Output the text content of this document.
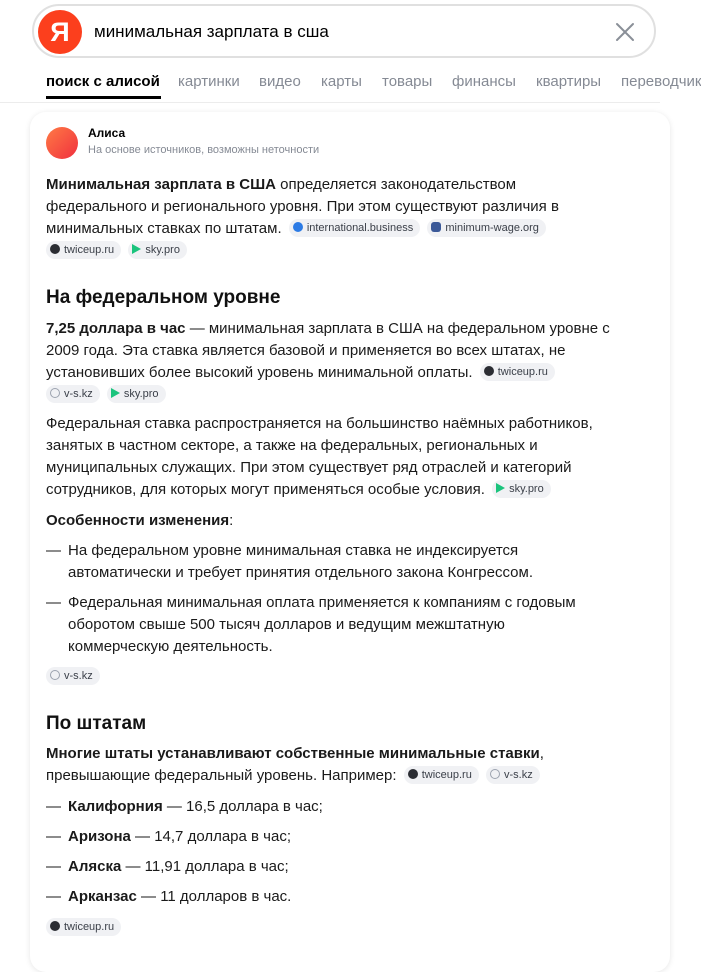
Я	минимальная зарплата в сша
поиск с алисой картинки видео карты товары финансы квартиры переводчик
Алиса
На основе источников, возможны неточности
Минимальная зарплата в США определяется законодательством
федерального и регионального уровня. При этом существуют различия в
минимальных ставках по штатам. international.business	minimum-wage.org
twiceup.ru	sky.pro
На федеральном уровне
7,25 доллара в час — минимальная зарплата в США на федеральном уровне с
2009 года. Эта ставка является базовой и применяется во всех штатах, не
установивших более высокий уровень минимальной оплаты. twiceup.ru
v-s.kz	sky.pro
Федеральная ставка распространяется на большинство наёмных работников,
занятых в частном секторе, а также на федеральных, региональных и
муниципальных служащих. При этом существует ряд отраслей и категорий
сотрудников, для которых могут применяться особые условия. sky.pro
Особенности изменения:
— На федеральном уровне минимальная ставка не индексируется
автоматически и требует принятия отдельного закона Конгрессом.
— Федеральная минимальная оплата применяется к компаниям с годовым
оборотом свыше 500 тысяч долларов и ведущим межштатную
коммерческую деятельность.
v-s.kz
По штатам
Многие штаты устанавливают собственные минимальные ставки,
превышающие федеральный уровень. Например: twiceup.ru	v-s.kz
— Калифорния — 16,5 доллара в час;
— Аризона — 14,7 доллара в час;
— Аляска — 11,91 доллара в час;
— Арканзас — 11 долларов в час.
twiceup.ru
